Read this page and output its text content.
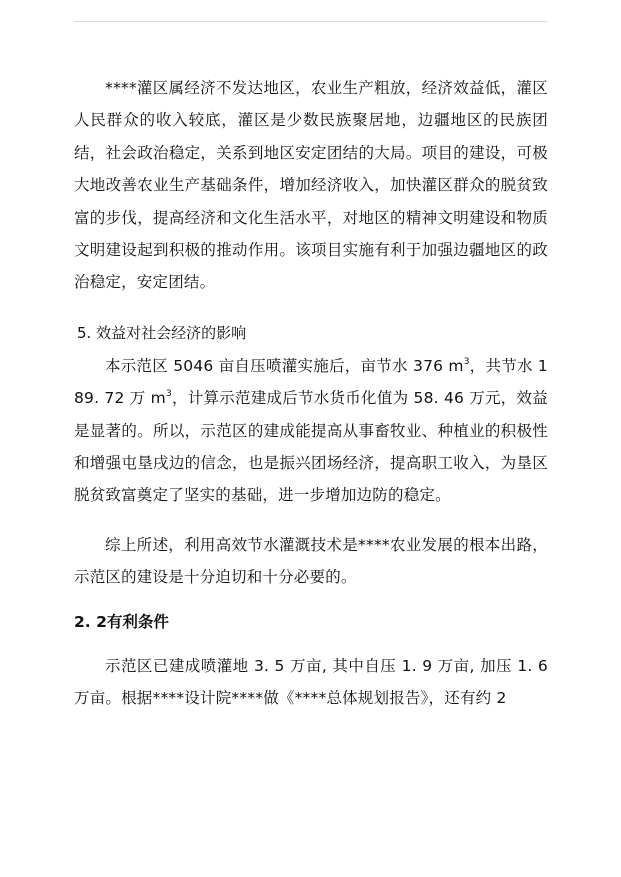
****灌区属经济不发达地区，农业生产粗放，经济效益低，灌区人民群众的收入较底，灌区是少数民族聚居地，边疆地区的民族团结，社会政治稳定，关系到地区安定团结的大局。项目的建设，可极大地改善农业生产基础条件，增加经济收入，加快灌区群众的脱贫致富的步伐，提高经济和文化生活水平，对地区的精神文明建设和物质文明建设起到积极的推动作用。该项目实施有利于加强边疆地区的政治稳定，安定团结。

5. 效益对社会经济的影响

本示范区 5046 亩自压喷灌实施后，亩节水 376 $m^3$，共节水 189. 72 万 $m^3$，计算示范建成后节水货币化值为 58. 46 万元，效益是显著的。所以，示范区的建成能提高从事畜牧业、种植业的积极性和增强屯垦戌边的信念，也是振兴团场经济，提高职工收入，为垦区脱贫致富奠定了坚实的基础，进一步增加边防的稳定。

综上所述，利用高效节水灌溉技术是****农业发展的根本出路，示范区的建设是十分迫切和十分必要的。

2. 2有利条件

示范区已建成喷灌地 3. 5 万亩, 其中自压 1. 9 万亩, 加压 1. 6 万亩。根据****设计院****做《****总体规划报告》，还有约 2
